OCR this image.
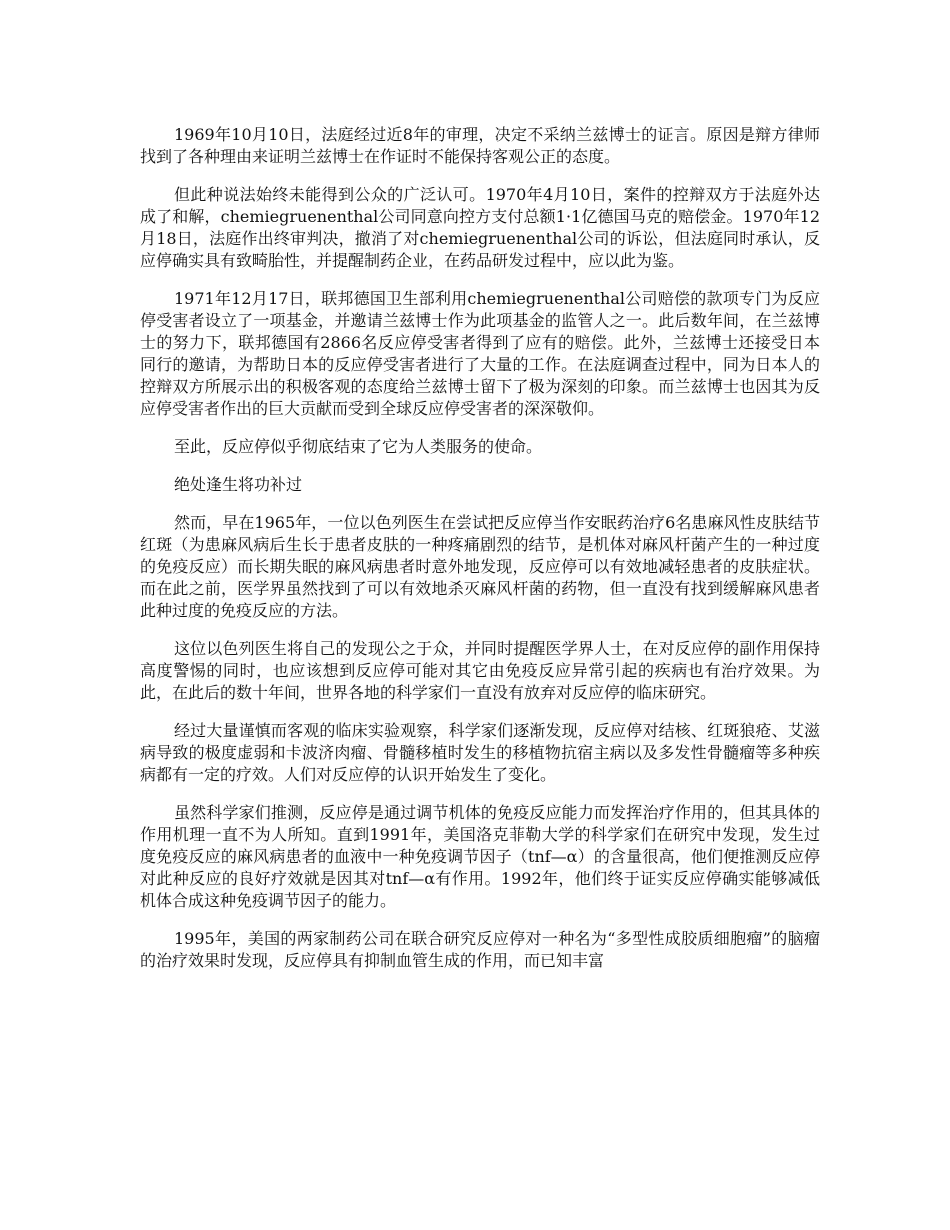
1969年10月10日，法庭经过近8年的审理，决定不采纳兰兹博士的证言。原因是辩方律师找到了各种理由来证明兰兹博士在作证时不能保持客观公正的态度。

但此种说法始终未能得到公众的广泛认可。1970年4月10日，案件的控辩双方于法庭外达成了和解，chemiegruenenthal公司同意向控方支付总额1·1亿德国马克的赔偿金。1970年12月18日，法庭作出终审判决，撤消了对chemiegruenenthal公司的诉讼，但法庭同时承认，反应停确实具有致畸胎性，并提醒制药企业，在药品研发过程中，应以此为鉴。

1971年12月17日，联邦德国卫生部利用chemiegruenenthal公司赔偿的款项专门为反应停受害者设立了一项基金，并邀请兰兹博士作为此项基金的监管人之一。此后数年间，在兰兹博士的努力下，联邦德国有2866名反应停受害者得到了应有的赔偿。此外，兰兹博士还接受日本同行的邀请，为帮助日本的反应停受害者进行了大量的工作。在法庭调查过程中，同为日本人的控辩双方所展示出的积极客观的态度给兰兹博士留下了极为深刻的印象。而兰兹博士也因其为反应停受害者作出的巨大贡献而受到全球反应停受害者的深深敬仰。

至此，反应停似乎彻底结束了它为人类服务的使命。

绝处逢生将功补过

然而，早在1965年，一位以色列医生在尝试把反应停当作安眠药治疗6名患麻风性皮肤结节红斑（为患麻风病后生长于患者皮肤的一种疼痛剧烈的结节，是机体对麻风杆菌产生的一种过度的免疫反应）而长期失眠的麻风病患者时意外地发现，反应停可以有效地减轻患者的皮肤症状。而在此之前，医学界虽然找到了可以有效地杀灭麻风杆菌的药物，但一直没有找到缓解麻风患者此种过度的免疫反应的方法。

这位以色列医生将自己的发现公之于众，并同时提醒医学界人士，在对反应停的副作用保持高度警惕的同时，也应该想到反应停可能对其它由免疫反应异常引起的疾病也有治疗效果。为此，在此后的数十年间，世界各地的科学家们一直没有放弃对反应停的临床研究。

经过大量谨慎而客观的临床实验观察，科学家们逐渐发现，反应停对结核、红斑狼疮、艾滋病导致的极度虚弱和卡波济肉瘤、骨髓移植时发生的移植物抗宿主病以及多发性骨髓瘤等多种疾病都有一定的疗效。人们对反应停的认识开始发生了变化。

虽然科学家们推测，反应停是通过调节机体的免疫反应能力而发挥治疗作用的，但其具体的作用机理一直不为人所知。直到1991年，美国洛克菲勒大学的科学家们在研究中发现，发生过度免疫反应的麻风病患者的血液中一种免疫调节因子（tnf—α）的含量很高，他们便推测反应停对此种反应的良好疗效就是因其对tnf—α有作用。1992年，他们终于证实反应停确实能够减低机体合成这种免疫调节因子的能力。

1995年，美国的两家制药公司在联合研究反应停对一种名为“多型性成胶质细胞瘤”的脑瘤的治疗效果时发现，反应停具有抑制血管生成的作用，而已知丰富
